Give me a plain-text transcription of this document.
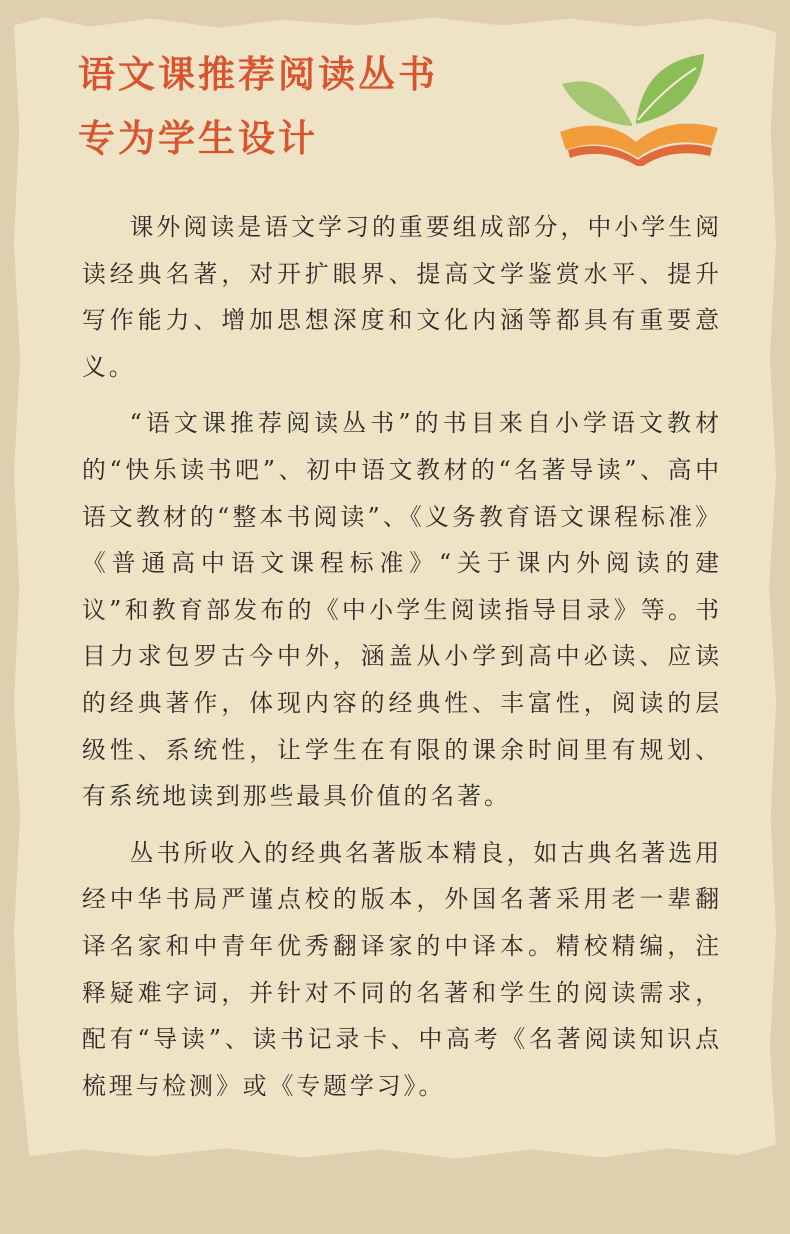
语文课推荐阅读丛书
专为学生设计

课外阅读是语文学习的重要组成部分，中小学生阅读经典名著，对开扩眼界、提高文学鉴赏水平、提升写作能力、增加思想深度和文化内涵等都具有重要意义。

“语文课推荐阅读丛书”的书目来自小学语文教材的“快乐读书吧”、初中语文教材的“名著导读”、高中语文教材的“整本书阅读”、《义务教育语文课程标准》《普通高中语文课程标准》“关于课内外阅读的建议”和教育部发布的《中小学生阅读指导目录》等。书目力求包罗古今中外，涵盖从小学到高中必读、应读的经典著作，体现内容的经典性、丰富性，阅读的层级性、系统性，让学生在有限的课余时间里有规划、有系统地读到那些最具价值的名著。

丛书所收入的经典名著版本精良，如古典名著选用经中华书局严谨点校的版本，外国名著采用老一辈翻译名家和中青年优秀翻译家的中译本。精校精编，注释疑难字词，并针对不同的名著和学生的阅读需求，配有“导读”、读书记录卡、中高考《名著阅读知识点梳理与检测》或《专题学习》。
